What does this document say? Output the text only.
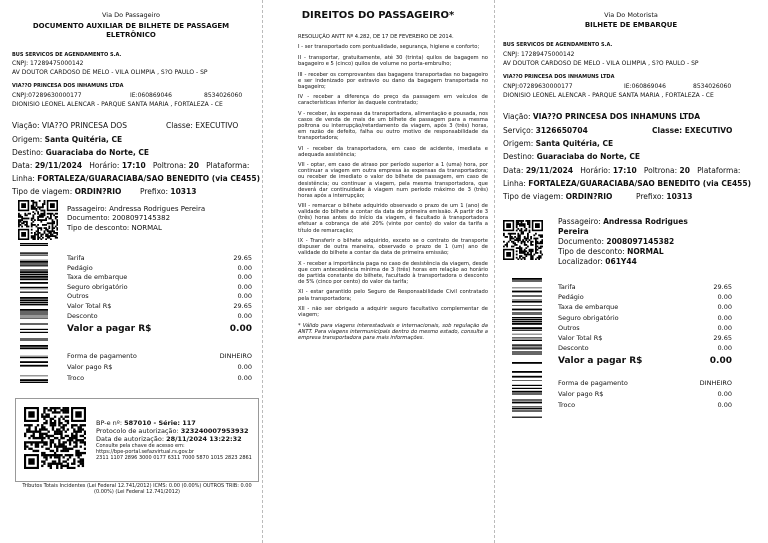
Via Do Passageiro
DOCUMENTO AUXILIAR DE BILHETE DE PASSAGEM ELETRÔNICO
BUS SERVICOS DE AGENDAMENTO S.A.
CNPJ: 17289475000142
AV DOUTOR CARDOSO DE MELO - VILA OLIMPIA , S?O PAULO - SP
VIA??O PRINCESA DOS INHAMUNS LTDA
CNPJ:07289630000177	IE:060869046	8534026060
DIONISIO LEONEL ALENCAR - PARQUE SANTA MARIA , FORTALEZA - CE
Viação: VIA??O PRINCESA DOS	Classe: EXECUTIVO
Origem: Santa Quitéria, CE
Destino: Guaraciaba do Norte, CE
Data: 29/11/2024 Horário: 17:10 Poltrona: 20 Plataforma:
Linha: FORTALEZA/GUARACIABA/SAO BENEDITO (via CE455)
Tipo de viagem: ORDIN?RIO Prefixo: 10313
Passageiro: Andressa Rodrigues Pereira
Documento: 2008097145382
Tipo de desconto: NORMAL
Tarifa	29.65
Pedágio	0.00
Taxa de embarque	0.00
Seguro obrigatório	0.00
Outros	0.00
Valor Total R$	29.65
Desconto	0.00
Valor a pagar R$	0.00
Forma de pagamento	DINHEIRO
Valor pago R$	0.00
Troco	0.00
BP-e nº: 587010 - Série: 117
Protocolo de autorização: 323240007953932
Data de autorização: 28/11/2024 13:22:32
Consulte pela chave de acesso em:
https://bpe-portal.sefazvirtual.rs.gov.br
2311 1107 2896 3000 0177 6311 7000 5870 1015 2823 2861
Tributos Totais Incidentes (Lei Federal 12.741/2012) ICMS: 0.00 (0.00%) OUTROS TRIB: 0.00 (0.00%) (Lei Federal 12.741/2012)
DIREITOS DO PASSAGEIRO*

RESOLUÇÃO ANTT Nº 4.282, DE 17 DE FEVEREIRO DE 2014.

I - ser transportado com pontualidade, segurança, higiene e conforto;

II - transportar, gratuitamente, até 30 (trinta) quilos de bagagem no bagageiro e 5 (cinco) quilos de volume no porta-embrulho;

III - receber os comprovantes das bagagens transportadas no bagageiro e ser indenizado por extravio ou dano da bagagem transportada no bagageiro;

IV - receber a diferença do preço da passagem em veículos de características inferior às daquele contratado;

V - receber, às expensas da transportadora, alimentação e pousada, nos casos de venda de mais de um bilhete de passagem para a mesma poltrona ou interrupção/retardamento da viagem, após 3 (três) horas, em razão de defeito, falha ou outro motivo de responsabilidade da transportadora;

VI - receber da transportadora, em caso de acidente, imediata e adequada assistência;

VII - optar, em caso de atraso por período superior a 1 (uma) hora, por continuar a viagem em outra empresa às expensas da transportadora; ou receber de imediato o valor do bilhete de passagem, em caso de desistência; ou continuar a viagem, pela mesma transportadora, que deverá dar continuidade à viagem num período máximo de 3 (três) horas após a interrupção;

VIII - remarcar o bilhete adquirido observado o prazo de um 1 (ano) de validade do bilhete a contar da data de primeira emissão. A partir de 3 (três) horas antes do início da viagem, é facultado à transportadora efetuar a cobrança de até 20% (vinte por cento) do valor da tarifa a título de remarcação;

IX - Transferir o bilhete adquirido, exceto se o contrato de transporte dispuser de outra maneira, observado o prazo de 1 (um) ano de validade do bilhete a contar da data de primeira emissão;

X - receber a importância paga no caso de desistência da viagem, desde que com antecedência mínima de 3 (três) horas em relação ao horário de partida constante do bilhete, facultado à transportadora o desconto de 5% (cinco por cento) do valor da tarifa;

XI - estar garantido pelo Seguro de Responsabilidade Civil contratado pela transportadora;

XII - não ser obrigado a adquirir seguro facultativo complementar de viagem;

* Válido para viagens interestaduais e internacionais, sob regulação da ANTT. Para viagens intermunicipais dentro do mesmo estado, consulte a empresa transportadora para mais informações.

Via Do Motorista
BILHETE DE EMBARQUE
BUS SERVICOS DE AGENDAMENTO S.A.
CNPJ: 17289475000142
AV DOUTOR CARDOSO DE MELO - VILA OLIMPIA , S?O PAULO - SP
VIA??O PRINCESA DOS INHAMUNS LTDA
CNPJ:07289630000177	IE:060869046	8534026060
DIONISIO LEONEL ALENCAR - PARQUE SANTA MARIA , FORTALEZA - CE
Viação: VIA??O PRINCESA DOS INHAMUNS LTDA
Serviço: 3126650704	Classe: EXECUTIVO
Origem: Santa Quitéria, CE
Destino: Guaraciaba do Norte, CE
Data: 29/11/2024 Horário: 17:10 Poltrona: 20 Plataforma:
Linha: FORTALEZA/GUARACIABA/SAO BENEDITO (via CE455)
Tipo de viagem: ORDIN?RIO	Prefixo: 10313
Passageiro: Andressa Rodrigues
Pereira
Documento: 2008097145382
Tipo de desconto: NORMAL
Localizador: 061Y44
Tarifa	29.65
Pedágio	0.00
Taxa de embarque	0.00
Seguro obrigatório	0.00
Outros	0.00
Valor Total R$	29.65
Desconto	0.00
Valor a pagar R$	0.00
Forma de pagamento	DINHEIRO
Valor pago R$	0.00
Troco	0.00
